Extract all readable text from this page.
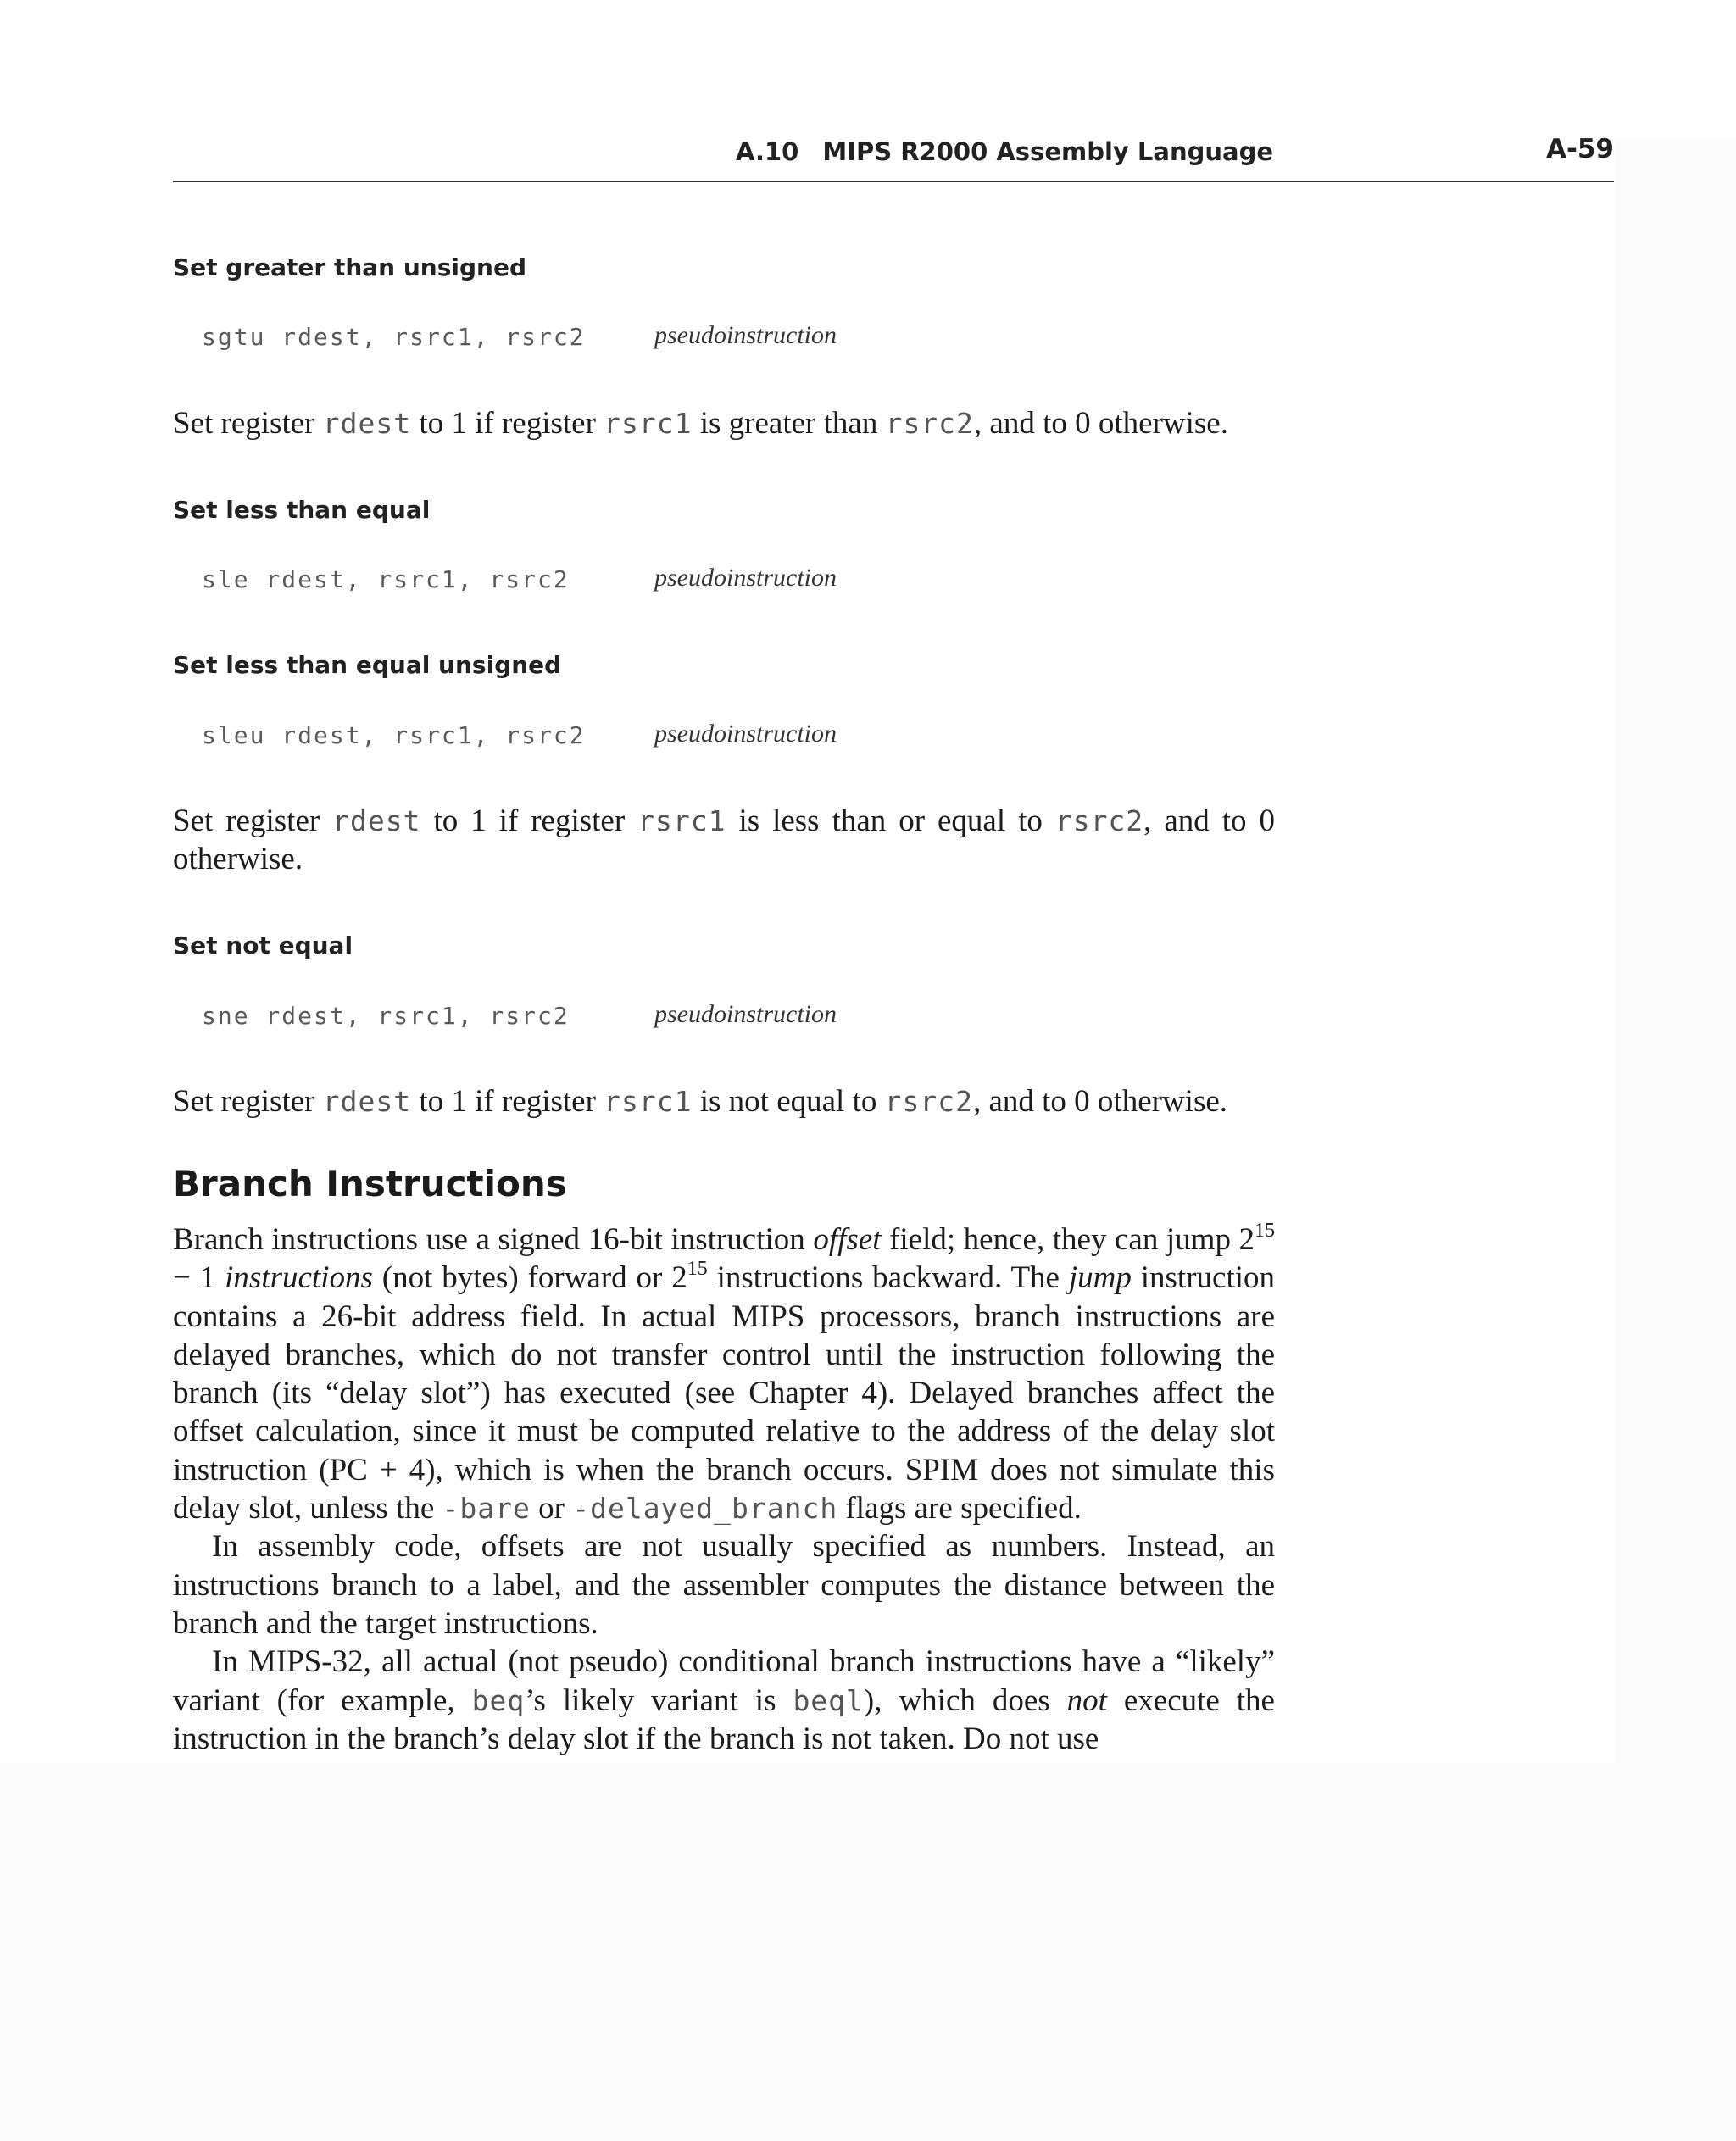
A.10 MIPS R2000 Assembly Language	A-59
Set greater than unsigned
sgtu rdest, rsrc1, rsrc2	pseudoinstruction
Set register rdest to 1 if register rsrc1 is greater than rsrc2, and to 0 otherwise.
Set less than equal
sle rdest, rsrc1, rsrc2	pseudoinstruction
Set less than equal unsigned
sleu rdest, rsrc1, rsrc2	pseudoinstruction
Set register rdest to 1 if register rsrc1 is less than or equal to rsrc2, and to 0 otherwise.
Set not equal
sne rdest, rsrc1, rsrc2	pseudoinstruction
Set register rdest to 1 if register rsrc1 is not equal to rsrc2, and to 0 otherwise.
Branch Instructions
Branch instructions use a signed 16-bit instruction offset field; hence, they can jump $2^{15} - 1$ instructions (not bytes) forward or $2^{15}$ instructions backward. The jump instruction contains a 26-bit address field. In actual MIPS processors, branch instructions are delayed branches, which do not transfer control until the instruction following the branch (its “delay slot”) has executed (see Chapter 4). Delayed branches affect the offset calculation, since it must be computed relative to the address of the delay slot instruction (PC + 4), which is when the branch occurs. SPIM does not simulate this delay slot, unless the -bare or -delayed_branch flags are specified.
In assembly code, offsets are not usually specified as numbers. Instead, an instructions branch to a label, and the assembler computes the distance between the branch and the target instructions.
In MIPS-32, all actual (not pseudo) conditional branch instructions have a “likely” variant (for example, beq’s likely variant is beql), which does not execute the instruction in the branch’s delay slot if the branch is not taken. Do not use
